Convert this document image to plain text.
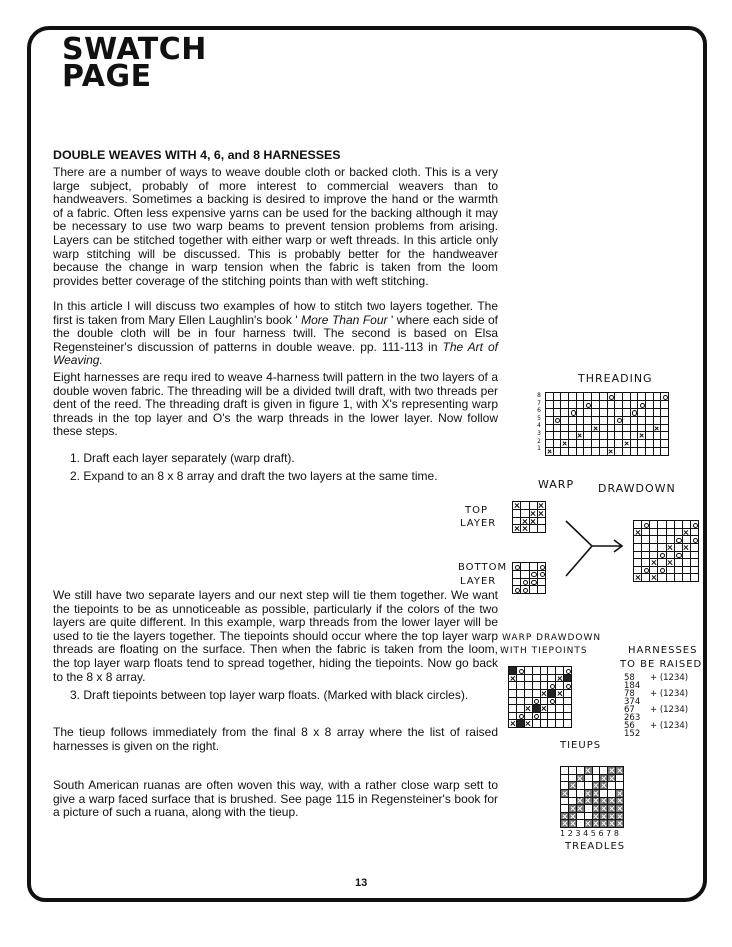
SWATCH
PAGE
DOUBLE WEAVES WITH 4, 6, and 8 HARNESSES

There are a number of ways to weave double cloth or backed cloth. This is a very large subject, probably of more interest to commercial weavers than to handweavers. Sometimes a backing is desired to improve the hand or the warmth of a fabric. Often less expensive yarns can be used for the backing although it may be necessary to use two warp beams to prevent tension problems from arising. Layers can be stitched together with either warp or weft threads. In this article only warp stitching will be discussed. This is probably better for the handweaver because the change in warp tension when the fabric is taken from the loom provides better coverage of the stitching points than with weft stitching.

In this article I will discuss two examples of how to stitch two layers together. The first is taken from Mary Ellen Laughlin's book ' More Than Four ' where each side of the double cloth will be in four harness twill. The second is based on Elsa Regensteiner's discussion of patterns in double weave. pp. 111-113 in The Art of Weaving.

Eight harnesses are requ ired to weave 4-harness twill pattern in the two layers of a double woven fabric. The threading will be a divided twill draft, with two threads per dent of the reed. The threading draft is given in figure 1, with X's representing warp threads in the top layer and O's the warp threads in the lower layer. Now follow these steps.

1. Draft each layer separately (warp draft).
2. Expand to an 8 x 8 array and draft the two layers at the same time.

We still have two separate layers and our next step will tie them together. We want the tiepoints to be as unnoticeable as possible, particularly if the colors of the two layers are quite different. In this example, warp threads from the lower layer will be used to tie the layers together. The tiepoints should occur where the top layer warp threads are floating on the surface. Then when the fabric is taken from the loom, the top layer warp floats tend to spread together, hiding the tiepoints. Now go back to the 8 x 8 array.

3. Draft tiepoints between top layer warp floats. (Marked with black circles).

The tieup follows immediately from the final 8 x 8 array where the list of raised harnesses is given on the right.

South American ruanas are often woven this way, with a rather close warp sett to give a warp faced surface that is brushed. See page 115 in Regensteiner's book for a picture of such a ruana, along with the tieup.

13
THREADING
8
7
6
5
4
3
2
1
WARP DRAWDOWN
TOP
LAYER
BOTTOM
LAYER
WARP DRAWDOWN
WITH TIEPOINTS	HARNESSES
TO BE RAISED
58	+ (1234)
184
78	+ (1234)
374
67	+ (1234)
263
56	+ (1234)
152
TIEUPS
12345678
TREADLES
